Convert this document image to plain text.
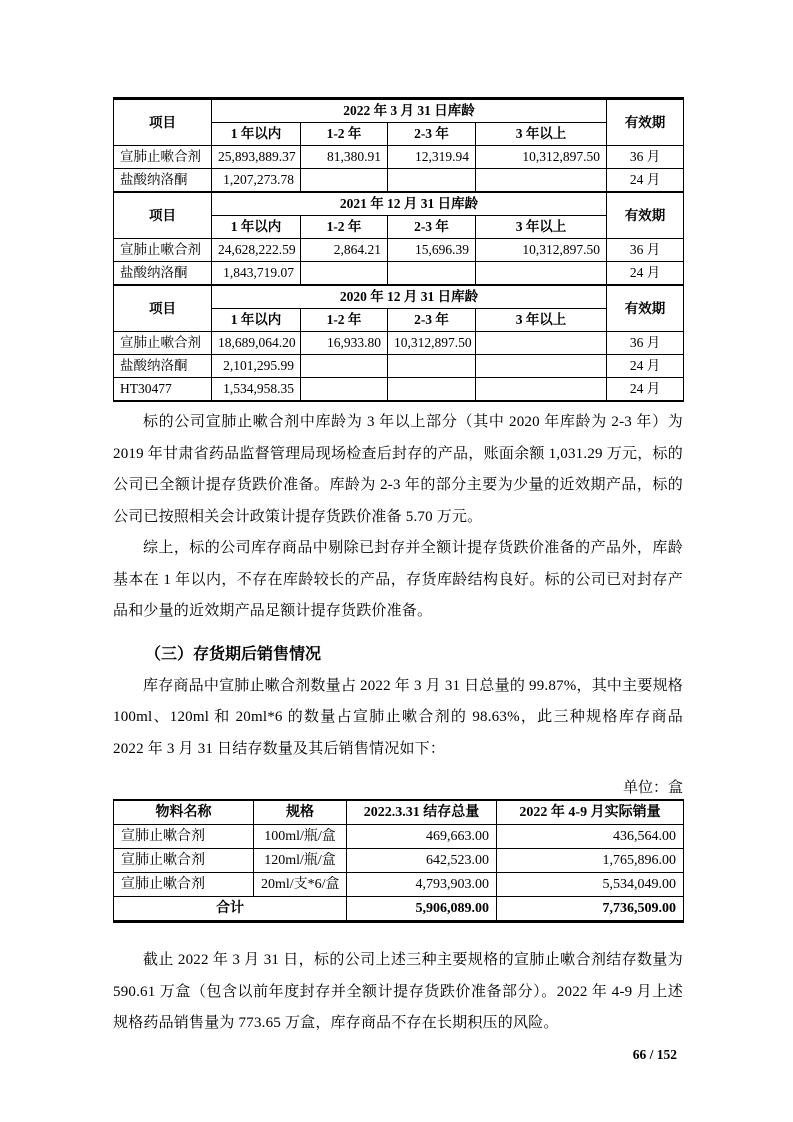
项目	2022 年 3 月 31 日库龄				有效期
	1 年以内	1-2 年	2-3 年	3 年以上	
宣肺止嗽合剂	25,893,889.37	81,380.91	12,319.94	10,312,897.50	36 月
盐酸纳洛酮	1,207,273.78				24 月
项目	2021 年 12 月 31 日库龄				有效期
	1 年以内	1-2 年	2-3 年	3 年以上	
宣肺止嗽合剂	24,628,222.59	2,864.21	15,696.39	10,312,897.50	36 月
盐酸纳洛酮	1,843,719.07				24 月
项目	2020 年 12 月 31 日库龄				有效期
	1 年以内	1-2 年	2-3 年	3 年以上	
宣肺止嗽合剂	18,689,064.20	16,933.80	10,312,897.50		36 月
盐酸纳洛酮	2,101,295.99				24 月
HT30477	1,534,958.35				24 月

标的公司宣肺止嗽合剂中库龄为 3 年以上部分（其中 2020 年库龄为 2-3 年）为 2019 年甘肃省药品监督管理局现场检查后封存的产品，账面余额 1,031.29 万元，标的公司已全额计提存货跌价准备。库龄为 2-3 年的部分主要为少量的近效期产品，标的公司已按照相关会计政策计提存货跌价准备 5.70 万元。

综上，标的公司库存商品中剔除已封存并全额计提存货跌价准备的产品外，库龄基本在 1 年以内，不存在库龄较长的产品，存货库龄结构良好。标的公司已对封存产品和少量的近效期产品足额计提存货跌价准备。

（三）存货期后销售情况

库存商品中宣肺止嗽合剂数量占 2022 年 3 月 31 日总量的 99.87%，其中主要规格 100ml、120ml 和 20ml*6 的数量占宣肺止嗽合剂的 98.63%，此三种规格库存商品 2022 年 3 月 31 日结存数量及其后销售情况如下：

单位：盒
物料名称	规格	2022.3.31 结存总量	2022 年 4-9 月实际销量
宣肺止嗽合剂	100ml/瓶/盒	469,663.00	436,564.00
宣肺止嗽合剂	120ml/瓶/盒	642,523.00	1,765,896.00
宣肺止嗽合剂	20ml/支*6/盒	4,793,903.00	5,534,049.00
合计		5,906,089.00	7,736,509.00

截止 2022 年 3 月 31 日，标的公司上述三种主要规格的宣肺止嗽合剂结存数量为 590.61 万盒（包含以前年度封存并全额计提存货跌价准备部分）。2022 年 4-9 月上述规格药品销售量为 773.65 万盒，库存商品不存在长期积压的风险。

66 / 152
